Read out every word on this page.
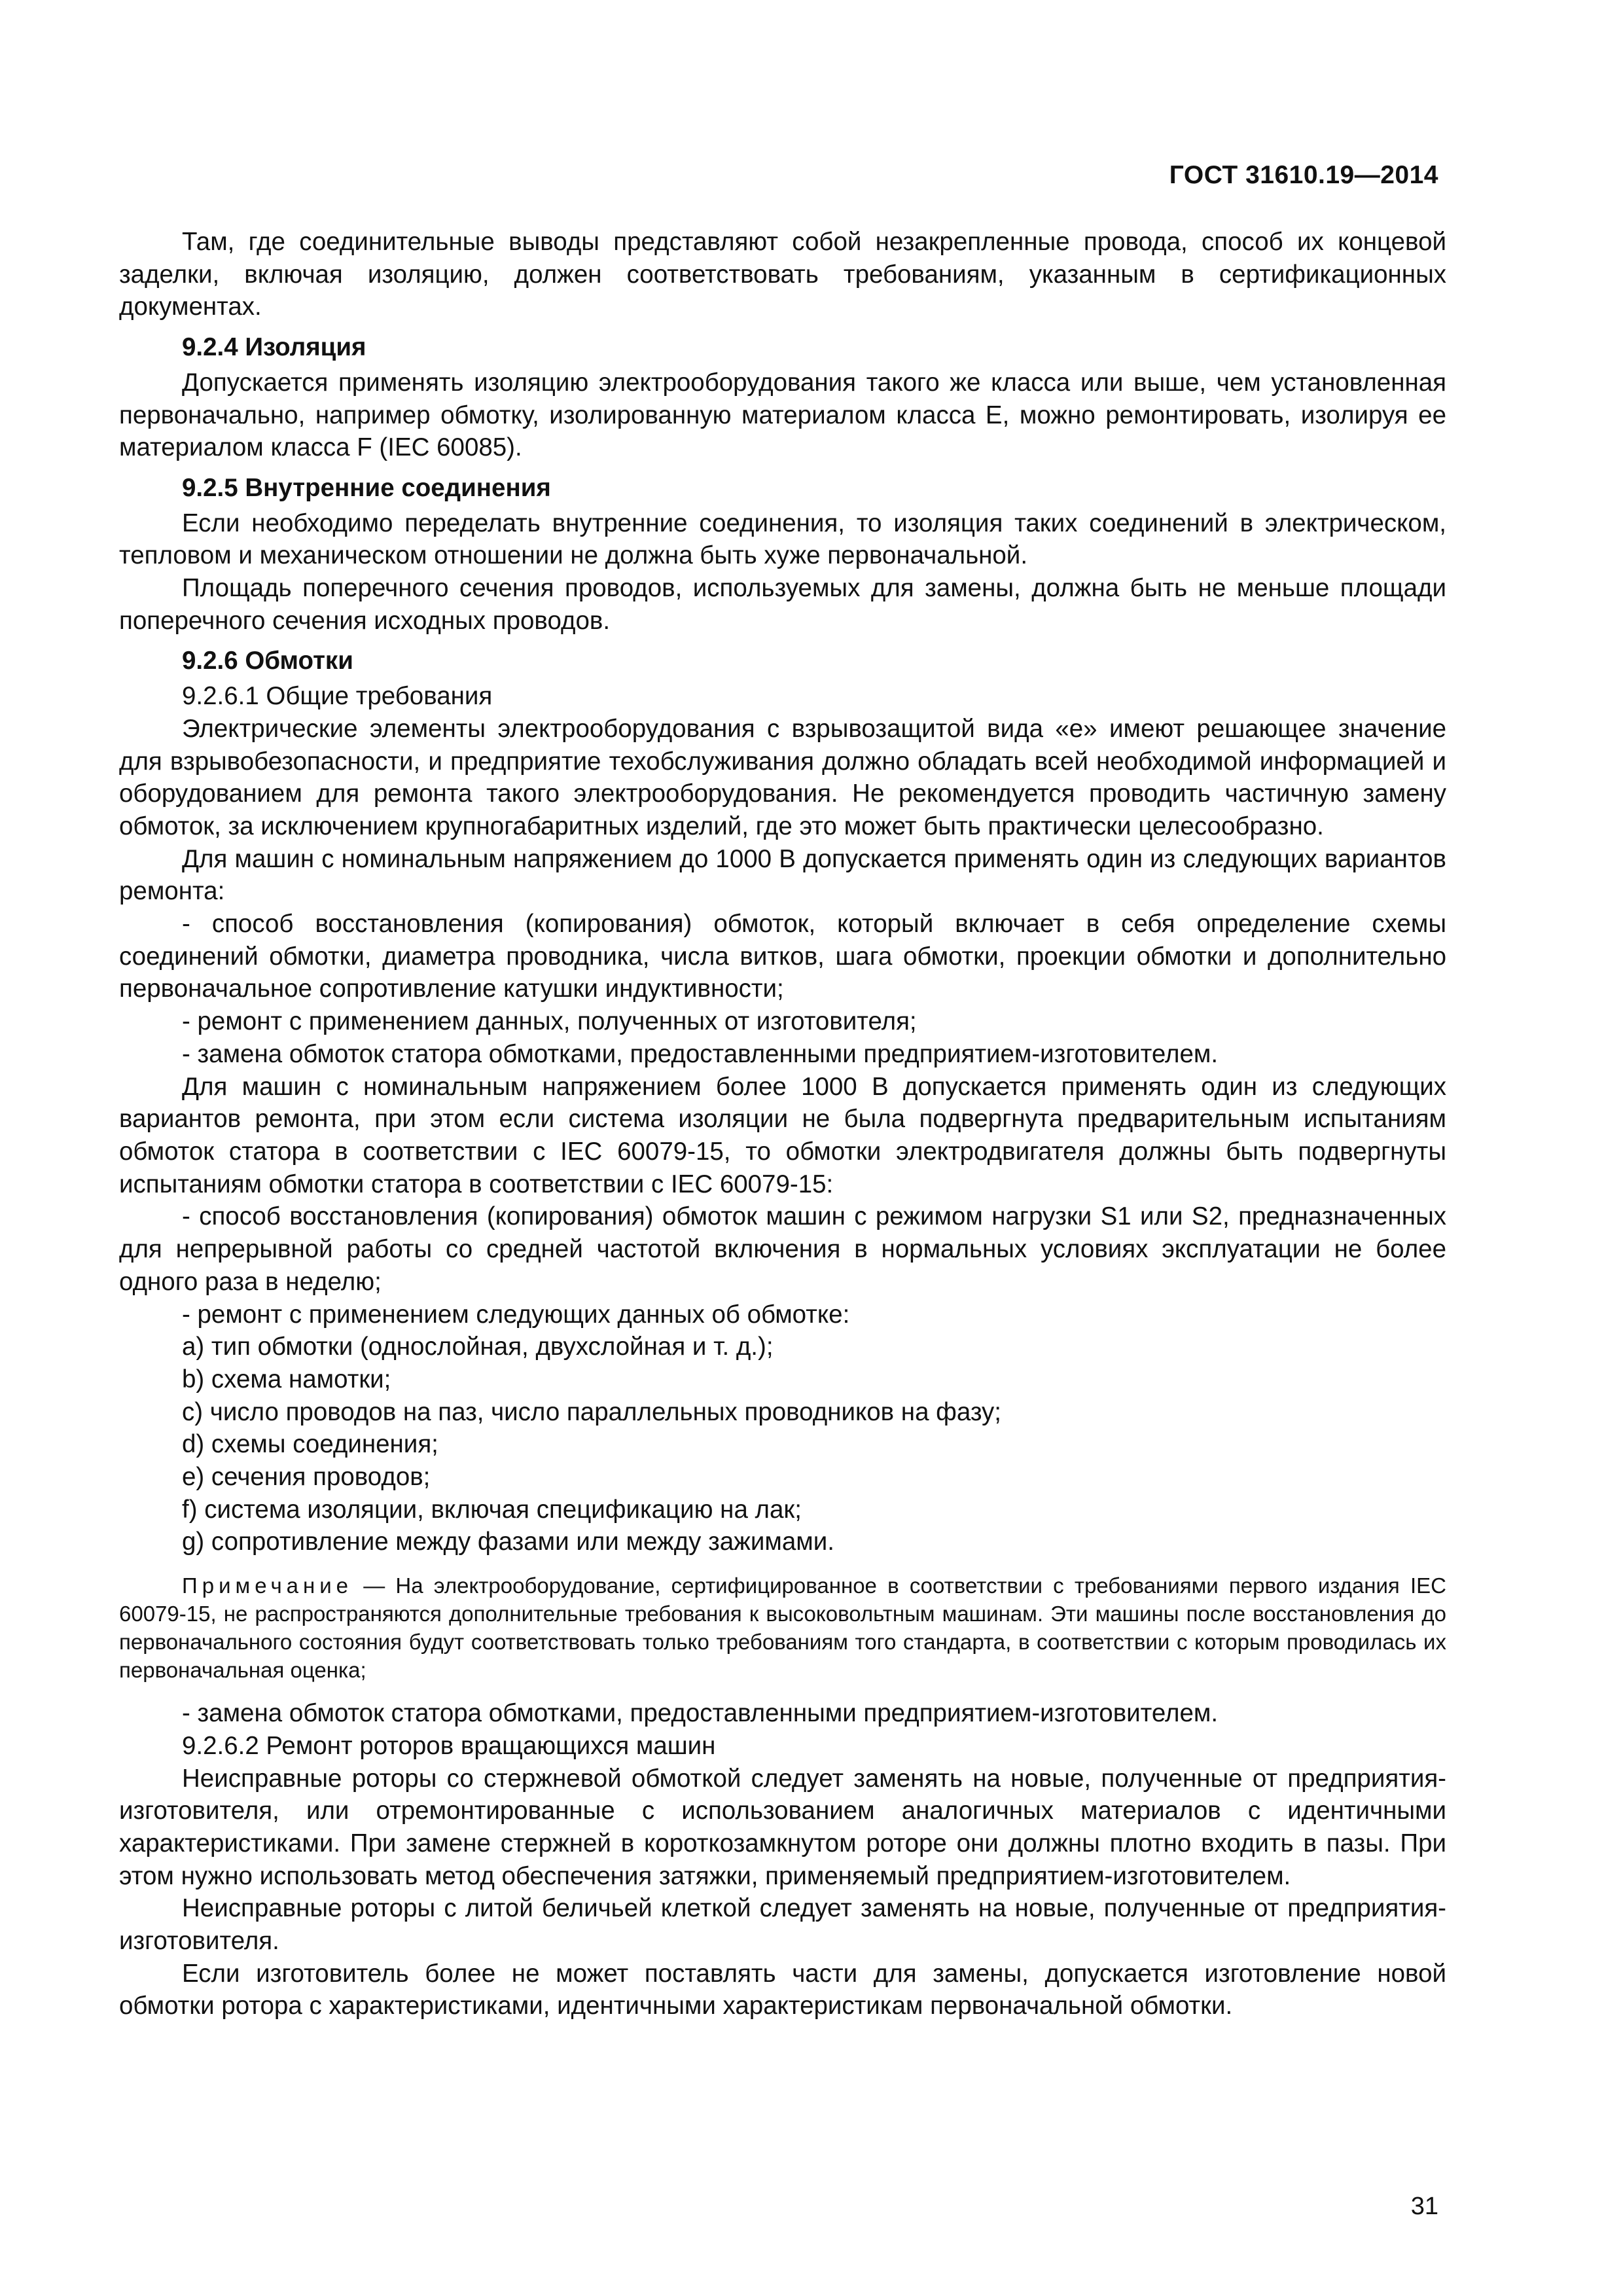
ГОСТ 31610.19—2014

Там, где соединительные выводы представляют собой незакрепленные провода, способ их концевой заделки, включая изоляцию, должен соответствовать требованиям, указанным в сертификационных документах.

9.2.4 Изоляция

Допускается применять изоляцию электрооборудования такого же класса или выше, чем установленная первоначально, например обмотку, изолированную материалом класса Е, можно ремонтировать, изолируя ее материалом класса F (IEC 60085).

9.2.5 Внутренние соединения

Если необходимо переделать внутренние соединения, то изоляция таких соединений в электрическом, тепловом и механическом отношении не должна быть хуже первоначальной.

Площадь поперечного сечения проводов, используемых для замены, должна быть не меньше площади поперечного сечения исходных проводов.

9.2.6 Обмотки

9.2.6.1 Общие требования

Электрические элементы электрооборудования с взрывозащитой вида «е» имеют решающее значение для взрывобезопасности, и предприятие техобслуживания должно обладать всей необходимой информацией и оборудованием для ремонта такого электрооборудования. Не рекомендуется проводить частичную замену обмоток, за исключением крупногабаритных изделий, где это может быть практически целесообразно.

Для машин с номинальным напряжением до 1000 В допускается применять один из следующих вариантов ремонта:

- способ восстановления (копирования) обмоток, который включает в себя определение схемы соединений обмотки, диаметра проводника, числа витков, шага обмотки, проекции обмотки и дополнительно первоначальное сопротивление катушки индуктивности;

- ремонт с применением данных, полученных от изготовителя;

- замена обмоток статора обмотками, предоставленными предприятием-изготовителем.

Для машин с номинальным напряжением более 1000 В допускается применять один из следующих вариантов ремонта, при этом если система изоляции не была подвергнута предварительным испытаниям обмоток статора в соответствии с IEC 60079-15, то обмотки электродвигателя должны быть подвергнуты испытаниям обмотки статора в соответствии с IEC 60079-15:

- способ восстановления (копирования) обмоток машин с режимом нагрузки S1 или S2, предназначенных для непрерывной работы со средней частотой включения в нормальных условиях эксплуатации не более одного раза в неделю;

- ремонт с применением следующих данных об обмотке:

a) тип обмотки (однослойная, двухслойная и т. д.);

b) схема намотки;

c) число проводов на паз, число параллельных проводников на фазу;

d) схемы соединения;

e) сечения проводов;

f) система изоляции, включая спецификацию на лак;

g) сопротивление между фазами или между зажимами.

Примечание — На электрооборудование, сертифицированное в соответствии с требованиями первого издания IEC 60079-15, не распространяются дополнительные требования к высоковольтным машинам. Эти машины после восстановления до первоначального состояния будут соответствовать только требованиям того стандарта, в соответствии с которым проводилась их первоначальная оценка;

- замена обмоток статора обмотками, предоставленными предприятием-изготовителем.

9.2.6.2 Ремонт роторов вращающихся машин

Неисправные роторы со стержневой обмоткой следует заменять на новые, полученные от предприятия-изготовителя, или отремонтированные с использованием аналогичных материалов с идентичными характеристиками. При замене стержней в короткозамкнутом роторе они должны плотно входить в пазы. При этом нужно использовать метод обеспечения затяжки, применяемый предприятием-изготовителем.

Неисправные роторы с литой беличьей клеткой следует заменять на новые, полученные от предприятия-изготовителя.

Если изготовитель более не может поставлять части для замены, допускается изготовление новой обмотки ротора с характеристиками, идентичными характеристикам первоначальной обмотки.

31
